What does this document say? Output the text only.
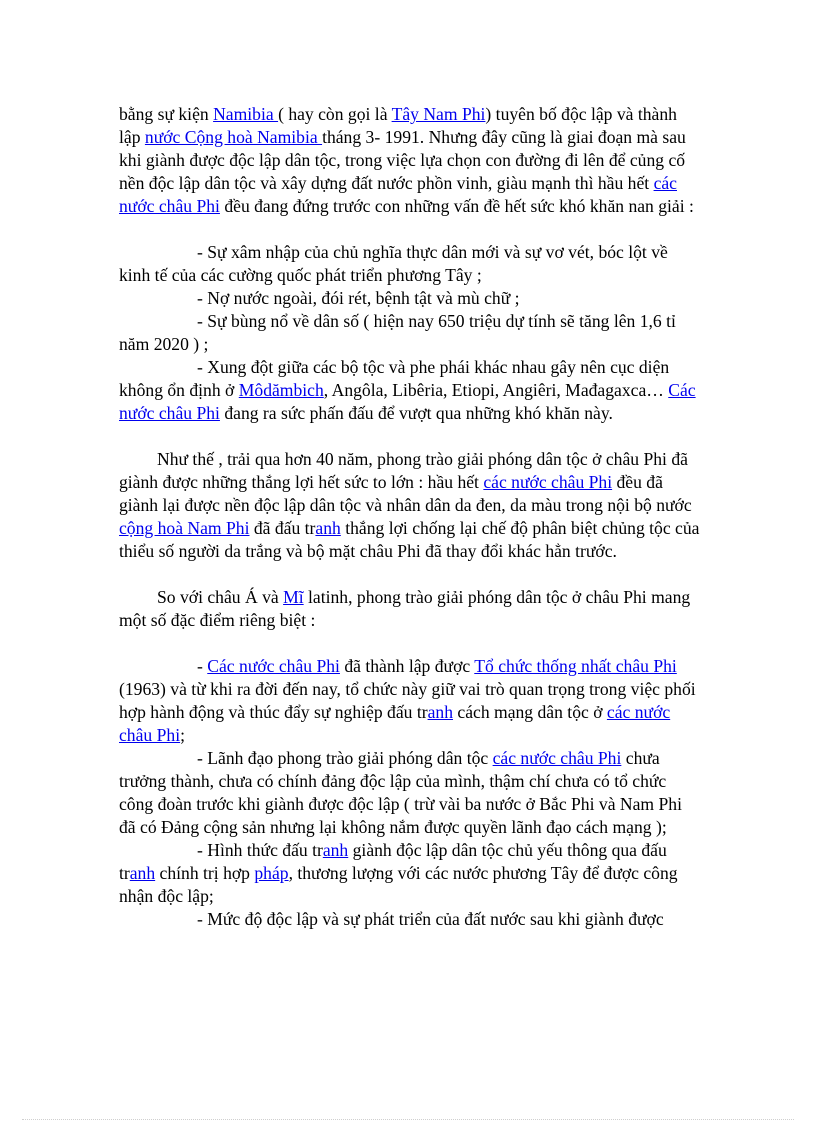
bằng sự kiện Namibia ( hay còn gọi là Tây Nam Phi) tuyên bố độc lập và thành lập nước Cộng hoà Namibia tháng 3- 1991. Nhưng đây cũng là giai đoạn mà sau khi giành được độc lập dân tộc, trong việc lựa chọn con đường đi lên để củng cố nền độc lập dân tộc và xây dựng đất nước phồn vinh, giàu mạnh thì hầu hết các nước châu Phi đều đang đứng trước con những vấn đề hết sức khó khăn nan giải :

- Sự xâm nhập của chủ nghĩa thực dân mới và sự vơ vét, bóc lột về kinh tế của các cường quốc phát triển phương Tây ;

- Nợ nước ngoài, đói rét, bệnh tật và mù chữ ;

- Sự bùng nổ về dân số ( hiện nay 650 triệu dự tính sẽ tăng lên 1,6 tỉ năm 2020 ) ;

- Xung đột giữa các bộ tộc và phe phái khác nhau gây nên cục diện không ổn định ở Môdămbich, Angôla, Libêria, Etiopi, Angiêri, Mađagaxca… Các nước châu Phi đang ra sức phấn đấu để vượt qua những khó khăn này.

Như thế , trải qua hơn 40 năm, phong trào giải phóng dân tộc ở châu Phi đã giành được những thắng lợi hết sức to lớn : hầu hết các nước châu Phi đều đã giành lại được nền độc lập dân tộc và nhân dân da đen, da màu trong nội bộ nước cộng hoà Nam Phi đã đấu tranh thắng lợi chống lại chế độ phân biệt chủng tộc của thiểu số người da trắng và bộ mặt châu Phi đã thay đổi khác hẳn trước.

So với châu Á và Mĩ latinh, phong trào giải phóng dân tộc ở châu Phi mang một số đặc điểm riêng biệt :

- Các nước châu Phi đã thành lập được Tổ chức thống nhất châu Phi (1963) và từ khi ra đời đến nay, tổ chức này giữ vai trò quan trọng trong việc phối hợp hành động và thúc đẩy sự nghiệp đấu tranh cách mạng dân tộc ở các nước châu Phi;

- Lãnh đạo phong trào giải phóng dân tộc các nước châu Phi chưa trưởng thành, chưa có chính đảng độc lập của mình, thậm chí chưa có tổ chức công đoàn trước khi giành được độc lập ( trừ vài ba nước ở Bắc Phi và Nam Phi đã có Đảng cộng sản nhưng lại không nắm được quyền lãnh đạo cách mạng );

- Hình thức đấu tranh giành độc lập dân tộc chủ yếu thông qua đấu tranh chính trị hợp pháp, thương lượng với các nước phương Tây để được công nhận độc lập;

- Mức độ độc lập và sự phát triển của đất nước sau khi giành được
